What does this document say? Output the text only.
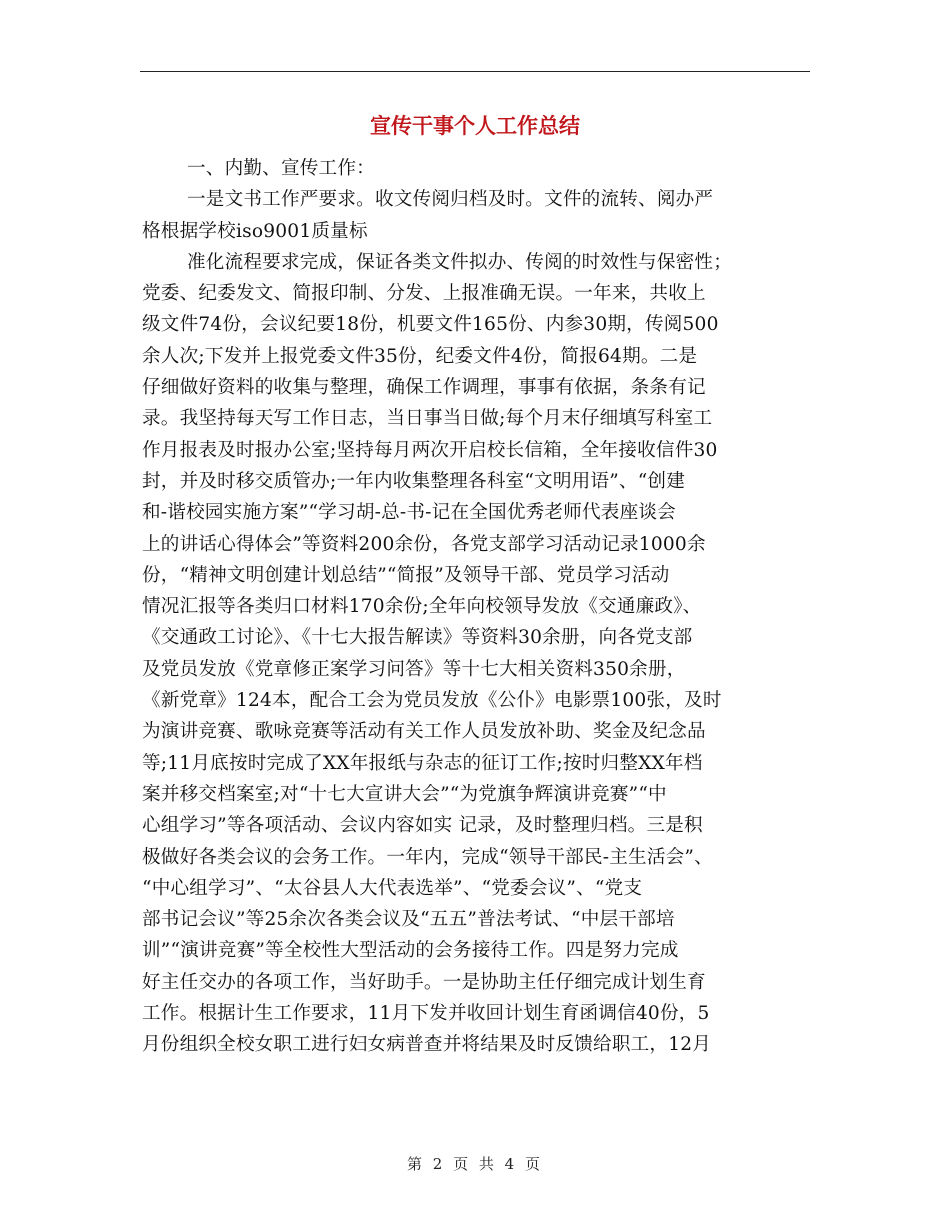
宣传干事个人工作总结
一、内勤、宣传工作：
一是文书工作严要求。收文传阅归档及时。文件的流转、阅办严
格根据学校iso9001质量标
准化流程要求完成，保证各类文件拟办、传阅的时效性与保密性；
党委、纪委发文、简报印制、分发、上报准确无误。一年来，共收上
级文件74份，会议纪要18份，机要文件165份、内参30期，传阅500
余人次;下发并上报党委文件35份，纪委文件4份，简报64期。二是
仔细做好资料的收集与整理，确保工作调理，事事有依据，条条有记
录。我坚持每天写工作日志，当日事当日做;每个月末仔细填写科室工
作月报表及时报办公室;坚持每月两次开启校长信箱，全年接收信件30
封，并及时移交质管办;一年内收集整理各科室“文明用语”、“创建
和-谐校园实施方案”“学习胡-总-书-记在全国优秀老师代表座谈会
上的讲话心得体会”等资料200余份，各党支部学习活动记录1000余
份，“精神文明创建计划总结”“简报”及领导干部、党员学习活动
情况汇报等各类归口材料170余份;全年向校领导发放《交通廉政》、
《交通政工讨论》、《十七大报告解读》等资料30余册，向各党支部
及党员发放《党章修正案学习问答》等十七大相关资料350余册，
《新党章》124本，配合工会为党员发放《公仆》电影票100张，及时
为演讲竞赛、歌咏竞赛等活动有关工作人员发放补助、奖金及纪念品
等;11月底按时完成了XX年报纸与杂志的征订工作;按时归整XX年档
案并移交档案室;对“十七大宣讲大会”“为党旗争辉演讲竞赛”“中
心组学习”等各项活动、会议内容如实 记录，及时整理归档。三是积
极做好各类会议的会务工作。一年内，完成“领导干部民-主生活会”、
“中心组学习”、“太谷县人大代表选举”、“党委会议”、“党支
部书记会议”等25余次各类会议及“五五”普法考试、“中层干部培
训”“演讲竞赛”等全校性大型活动的会务接待工作。四是努力完成
好主任交办的各项工作，当好助手。一是协助主任仔细完成计划生育
工作。根据计生工作要求，11月下发并收回计划生育函调信40份，5
月份组织全校女职工进行妇女病普查并将结果及时反馈给职工，12月
第 2 页 共 4 页
